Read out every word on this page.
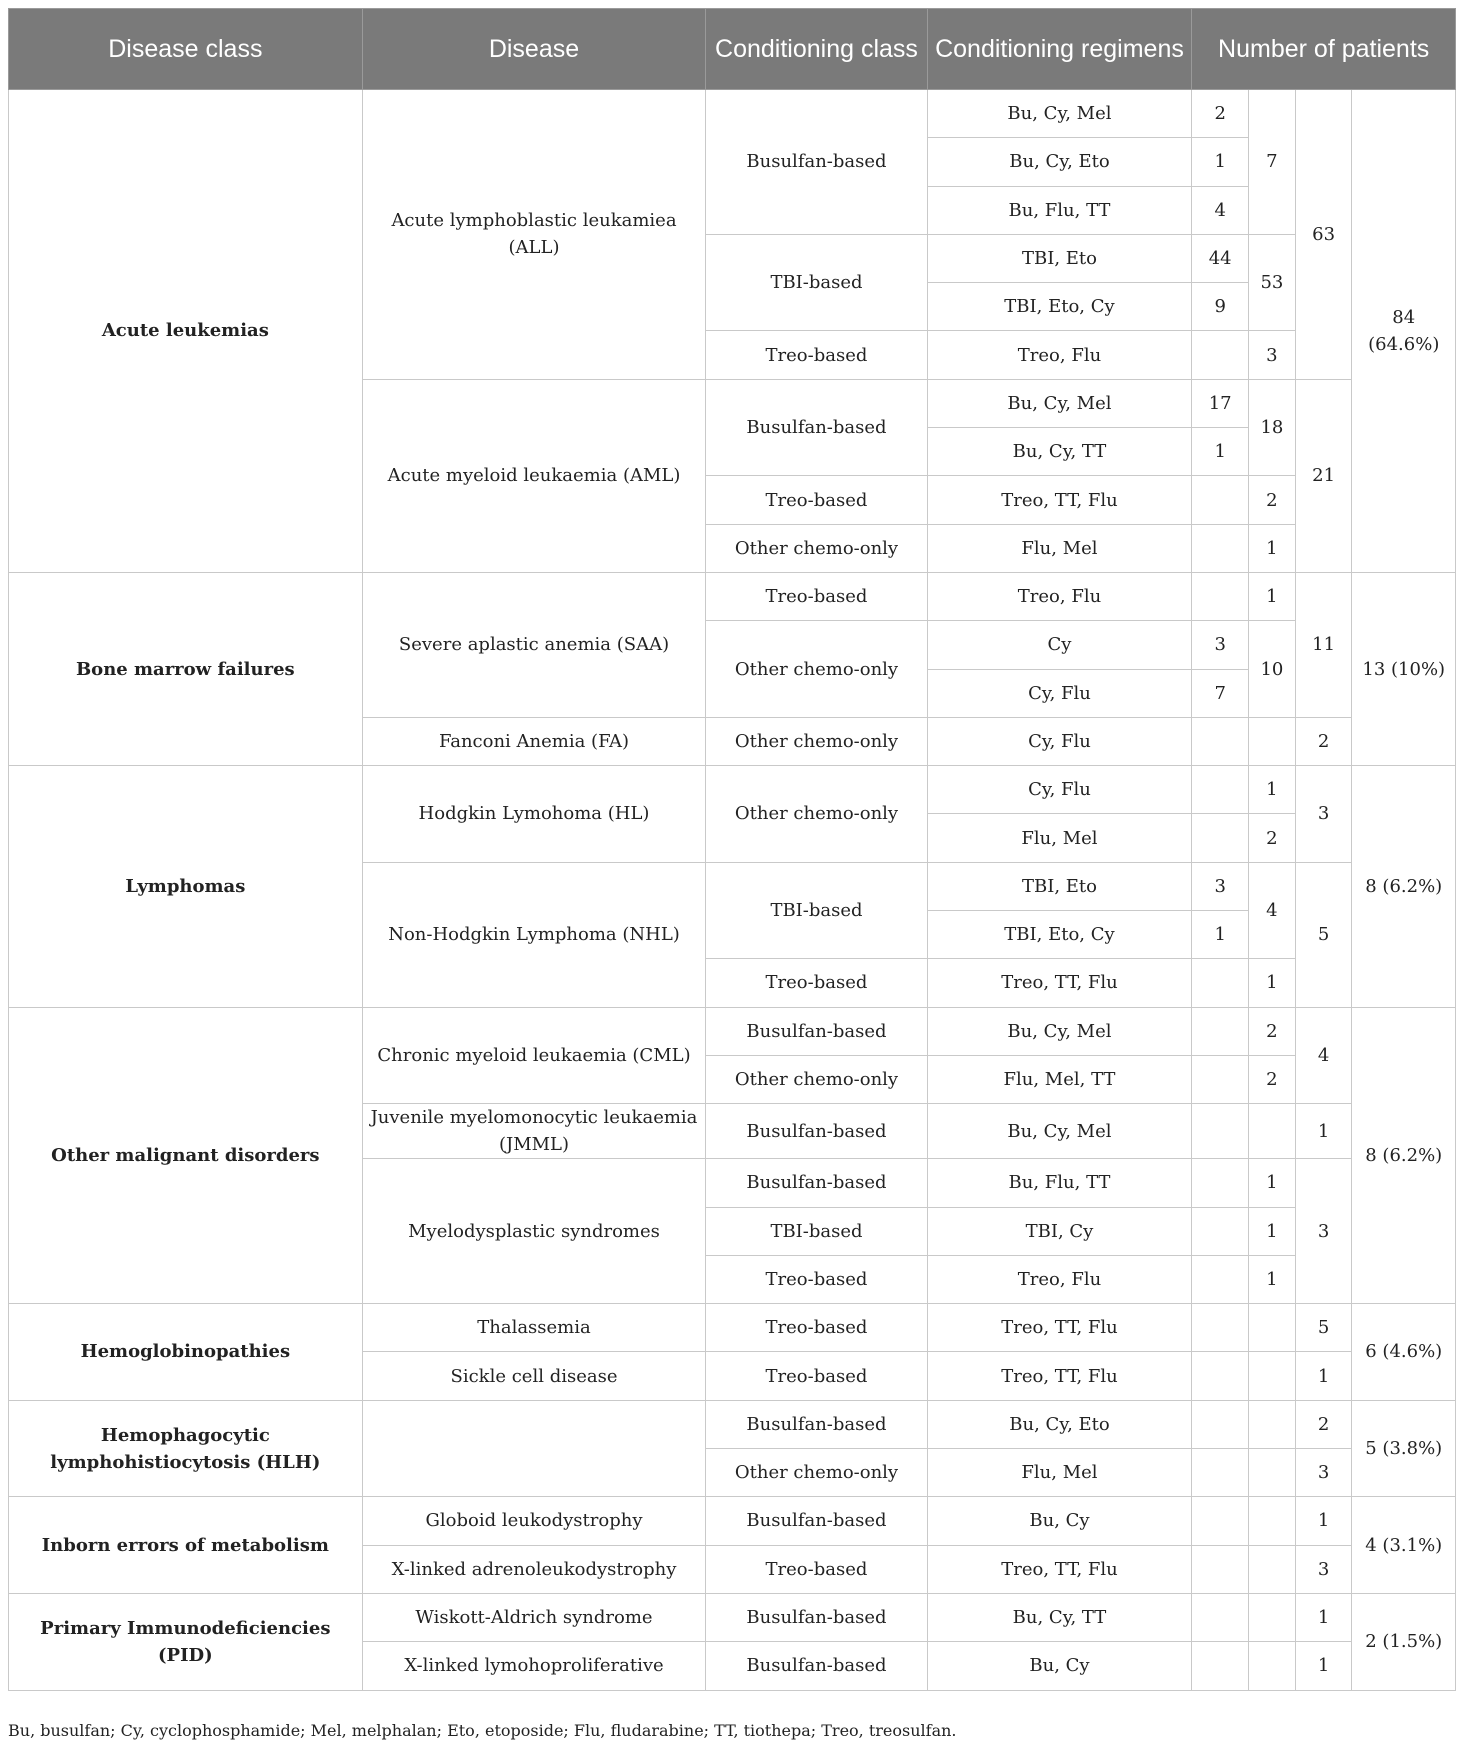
Disease class	Disease	Conditioning class	Conditioning regimens	Number of patients			
Acute leukemias	Acute lymphoblastic leukamiea (ALL)	Busulfan-based	Bu, Cy, Mel	2	7	63	84 (64.6%)
			Bu, Cy, Eto	1			
			Bu, Flu, TT	4			
		TBI-based	TBI, Eto	44	53		
			TBI, Eto, Cy	9			
		Treo-based	Treo, Flu		3		
	Acute myeloid leukaemia (AML)	Busulfan-based	Bu, Cy, Mel	17	18	21	
			Bu, Cy, TT	1			
		Treo-based	Treo, TT, Flu		2		
		Other chemo-only	Flu, Mel		1		
Bone marrow failures	Severe aplastic anemia (SAA)	Treo-based	Treo, Flu		1	11	13 (10%)
		Other chemo-only	Cy	3	10		
			Cy, Flu	7			
	Fanconi Anemia (FA)	Other chemo-only	Cy, Flu			2	
Lymphomas	Hodgkin Lymohoma (HL)	Other chemo-only	Cy, Flu		1	3	8 (6.2%)
			Flu, Mel		2		
	Non-Hodgkin Lymphoma (NHL)	TBI-based	TBI, Eto	3	4	5	
			TBI, Eto, Cy	1			
		Treo-based	Treo, TT, Flu		1		
Other malignant disorders	Chronic myeloid leukaemia (CML)	Busulfan-based	Bu, Cy, Mel		2	4	8 (6.2%)
		Other chemo-only	Flu, Mel, TT		2		
	Juvenile myelomonocytic leukaemia (JMML)	Busulfan-based	Bu, Cy, Mel			1	
	Myelodysplastic syndromes	Busulfan-based	Bu, Flu, TT		1	3	
		TBI-based	TBI, Cy		1		
		Treo-based	Treo, Flu		1		
Hemoglobinopathies	Thalassemia	Treo-based	Treo, TT, Flu			5	6 (4.6%)
	Sickle cell disease	Treo-based	Treo, TT, Flu			1	
Hemophagocytic lymphohistiocytosis (HLH)		Busulfan-based	Bu, Cy, Eto			2	5 (3.8%)
		Other chemo-only	Flu, Mel			3	
Inborn errors of metabolism	Globoid leukodystrophy	Busulfan-based	Bu, Cy			1	4 (3.1%)
	X-linked adrenoleukodystrophy	Treo-based	Treo, TT, Flu			3	
Primary Immunodeficiencies (PID)	Wiskott-Aldrich syndrome	Busulfan-based	Bu, Cy, TT			1	2 (1.5%)
	X-linked lymohoproliferative	Busulfan-based	Bu, Cy			1	
Bu, busulfan; Cy, cyclophosphamide; Mel, melphalan; Eto, etoposide; Flu, fludarabine; TT, tiothepa; Treo, treosulfan.
